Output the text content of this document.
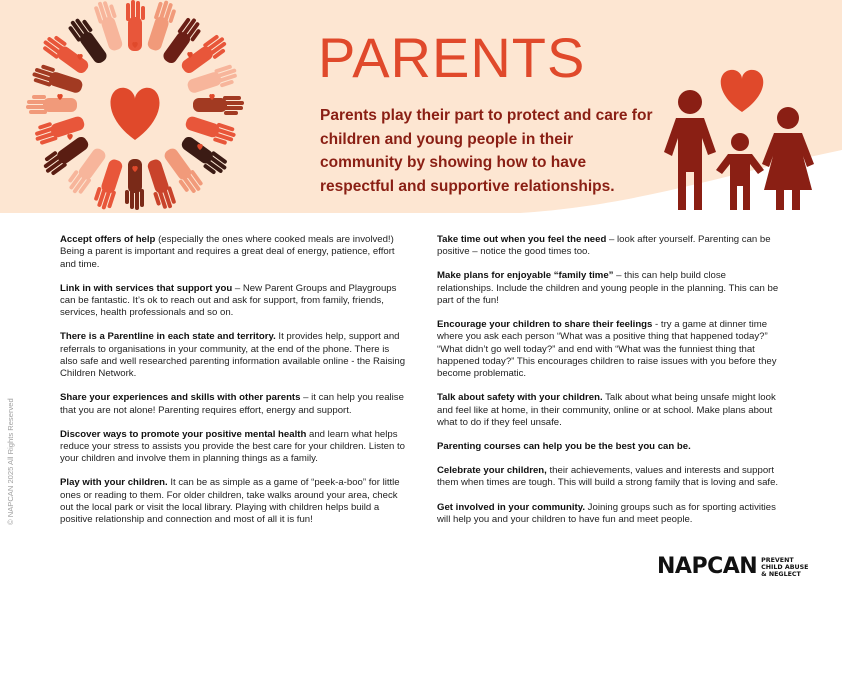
PARENTS

Parents play their part to protect and care for children and young people in their community by showing how to have respectful and supportive relationships.

Accept offers of help (especially the ones where cooked meals are involved!) Being a parent is important and requires a great deal of energy, patience, effort and time.

Link in with services that support you – New Parent Groups and Playgroups can be fantastic. It’s ok to reach out and ask for support, from family, friends, services, health professionals and so on.

There is a Parentline in each state and territory. It provides help, support and referrals to organisations in your community, at the end of the phone. There is also safe and well researched parenting information available online - the Raising Children Network.

Share your experiences and skills with other parents – it can help you realise that you are not alone! Parenting requires effort, energy and support.

Discover ways to promote your positive mental health and learn what helps reduce your stress to assists you provide the best care for your children. Listen to your children and involve them in planning things as a family.

Play with your children. It can be as simple as a game of “peek-a-boo” for little ones or reading to them. For older children, take walks around your area, check out the local park or visit the local library. Playing with children helps build a positive relationship and connection and most of all it is fun!

Take time out when you feel the need – look after yourself. Parenting can be positive – notice the good times too.

Make plans for enjoyable “family time” – this can help build close relationships. Include the children and young people in the planning. This can be part of the fun!

Encourage your children to share their feelings - try a game at dinner time where you ask each person “What was a positive thing that happened today?” “What didn’t go well today?” and end with “What was the funniest thing that happened today?” This encourages children to raise issues with you before they become problematic.

Talk about safety with your children. Talk about what being unsafe might look and feel like at home, in their community, online or at school. Make plans about what to do if they feel unsafe.

Parenting courses can help you be the best you can be.

Celebrate your children, their achievements, values and interests and support them when times are tough. This will build a strong family that is loving and safe.

Get involved in your community. Joining groups such as for sporting activities will help you and your children to have fun and meet people.

© NAPCAN 2025 All Rights Reserved
NAPCAN PREVENT
CHILD ABUSE
& NEGLECT
